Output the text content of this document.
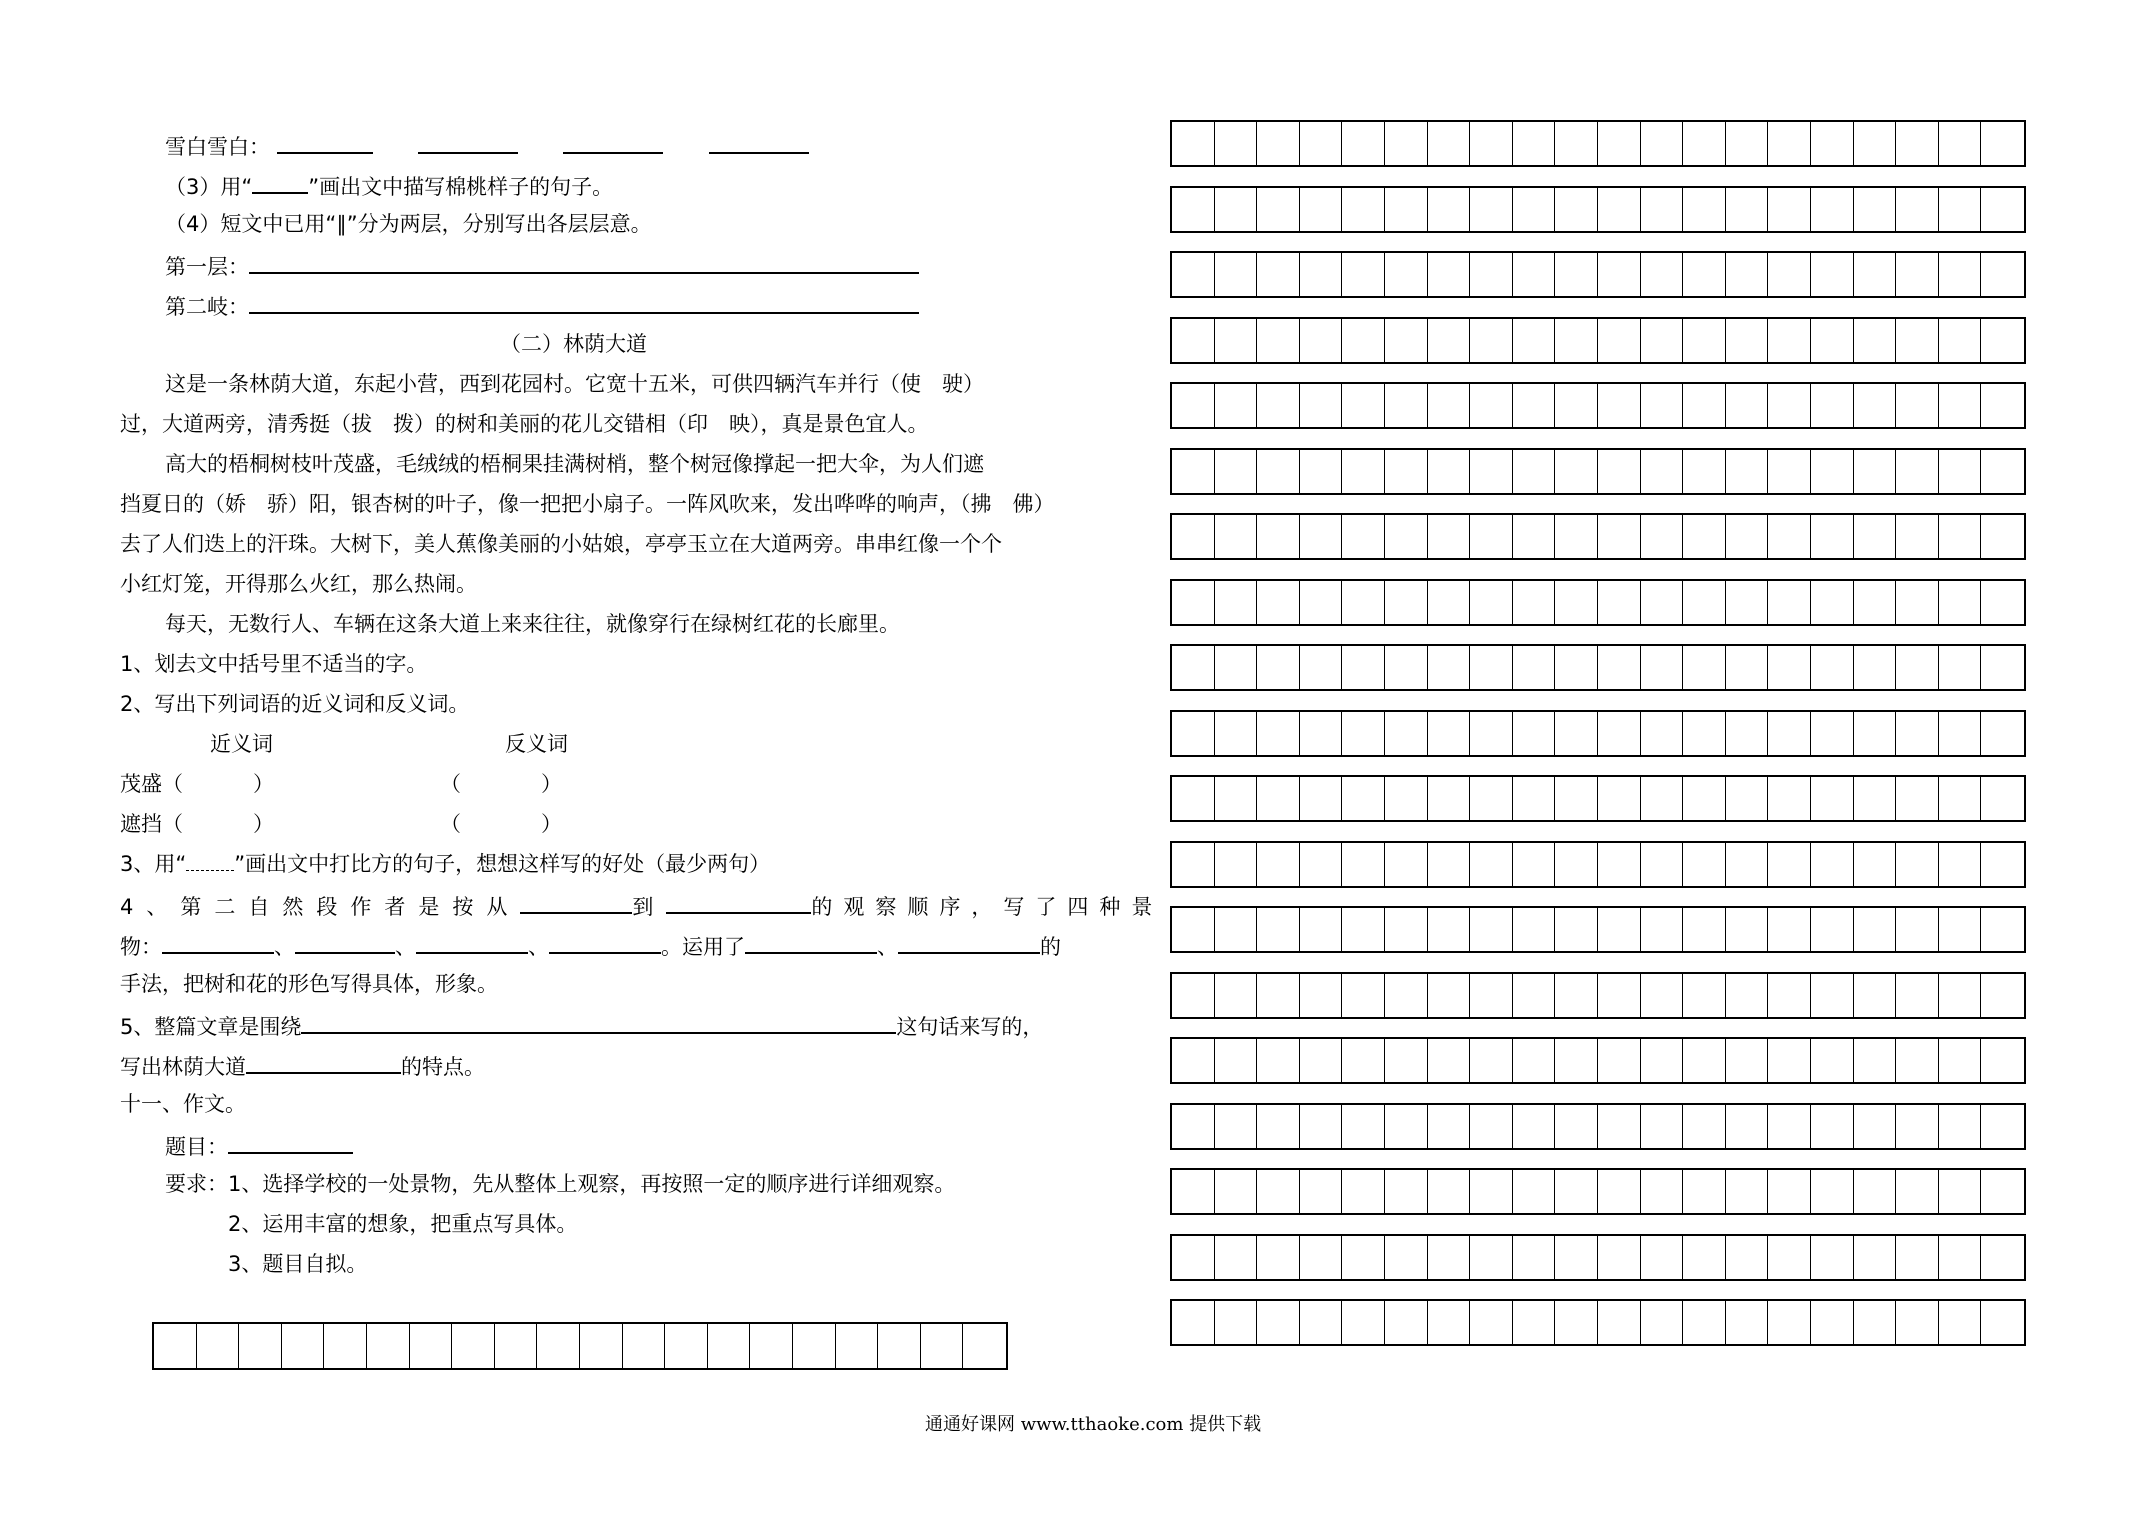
雪白雪白：
（3）用“	”画出文中描写棉桃样子的句子。
（4）短文中已用“∥”分为两层，分别写出各层层意。
第一层：
第二岐：
（二）林荫大道
这是一条林荫大道，东起小营，西到花园村。它宽十五米，可供四辆汽车并行（使　驶）
过，大道两旁，清秀挺（拔　拨）的树和美丽的花儿交错相（印　映），真是景色宜人。
高大的梧桐树枝叶茂盛，毛绒绒的梧桐果挂满树梢，整个树冠像撑起一把大伞，为人们遮
挡夏日的（娇　骄）阳，银杏树的叶子，像一把把小扇子。一阵风吹来，发出哗哗的响声，（拂　佛）
去了人们迭上的汗珠。大树下，美人蕉像美丽的小姑娘，亭亭玉立在大道两旁。串串红像一个个
小红灯笼，开得那么火红，那么热闹。
每天，无数行人、车辆在这条大道上来来往往，就像穿行在绿树红花的长廊里。
1、划去文中括号里不适当的字。
2、写出下列词语的近义词和反义词。
近义词	反义词
茂盛（	）	（	）
遮挡（	）	（	）
3、用“ ”画出文中打比方的句子，想想这样写的好处（最少两句）
4、第二自然段作者是按从	到	的观察顺序，写了四种景
物：	、	、	、	。运用了	、	的
手法，把树和花的形色写得具体，形象。
5、整篇文章是围绕	这句话来写的，
写出林荫大道	的特点。
十一、作文。
题目：
要求：1、选择学校的一处景物，先从整体上观察，再按照一定的顺序进行详细观察。
2、运用丰富的想象，把重点写具体。
3、题目自拟。
通通好课网 www.tthaoke.com 提供下载
